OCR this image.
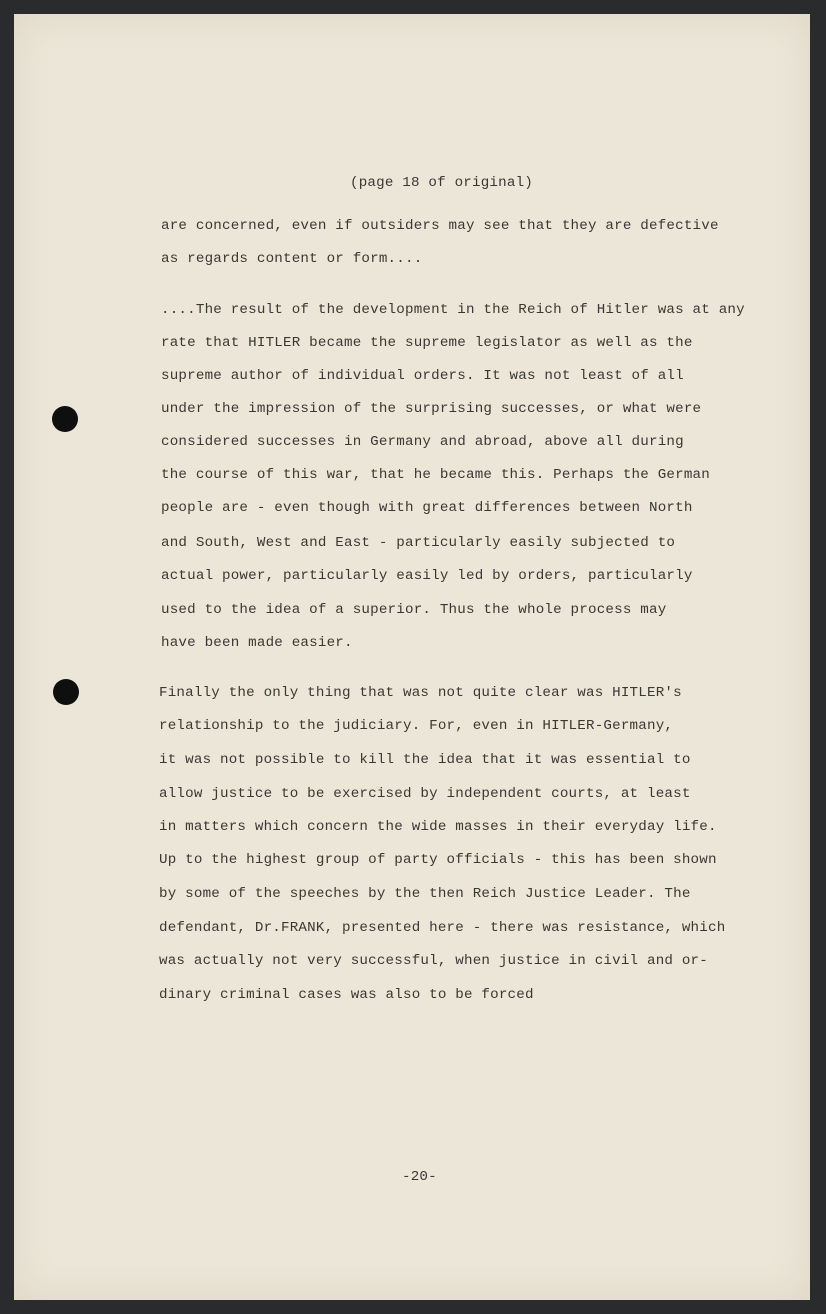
(page 18 of original)
are concerned, even if outsiders may see that they are defective
as regards content or form....
....The result of the development in the Reich of Hitler was at any
rate that HITLER became the supreme legislator as well as the
supreme author of individual orders. It was not least of all
under the impression of the surprising successes, or what were
considered successes in Germany and abroad, above all during
the course of this war, that he became this. Perhaps the German
people are - even though with great differences between North
and South, West and East - particularly easily subjected to
actual power, particularly easily led by orders, particularly
used to the idea of a superior. Thus the whole process may
have been made easier.
Finally the only thing that was not quite clear was HITLER's
relationship to the judiciary. For, even in HITLER-Germany,
it was not possible to kill the idea that it was essential to
allow justice to be exercised by independent courts, at least
in matters which concern the wide masses in their everyday life.
Up to the highest group of party officials - this has been shown
by some of the speeches by the then Reich Justice Leader. The
defendant, Dr.FRANK, presented here - there was resistance, which
was actually not very successful, when justice in civil and or-
dinary criminal cases was also to be forced
-20-
